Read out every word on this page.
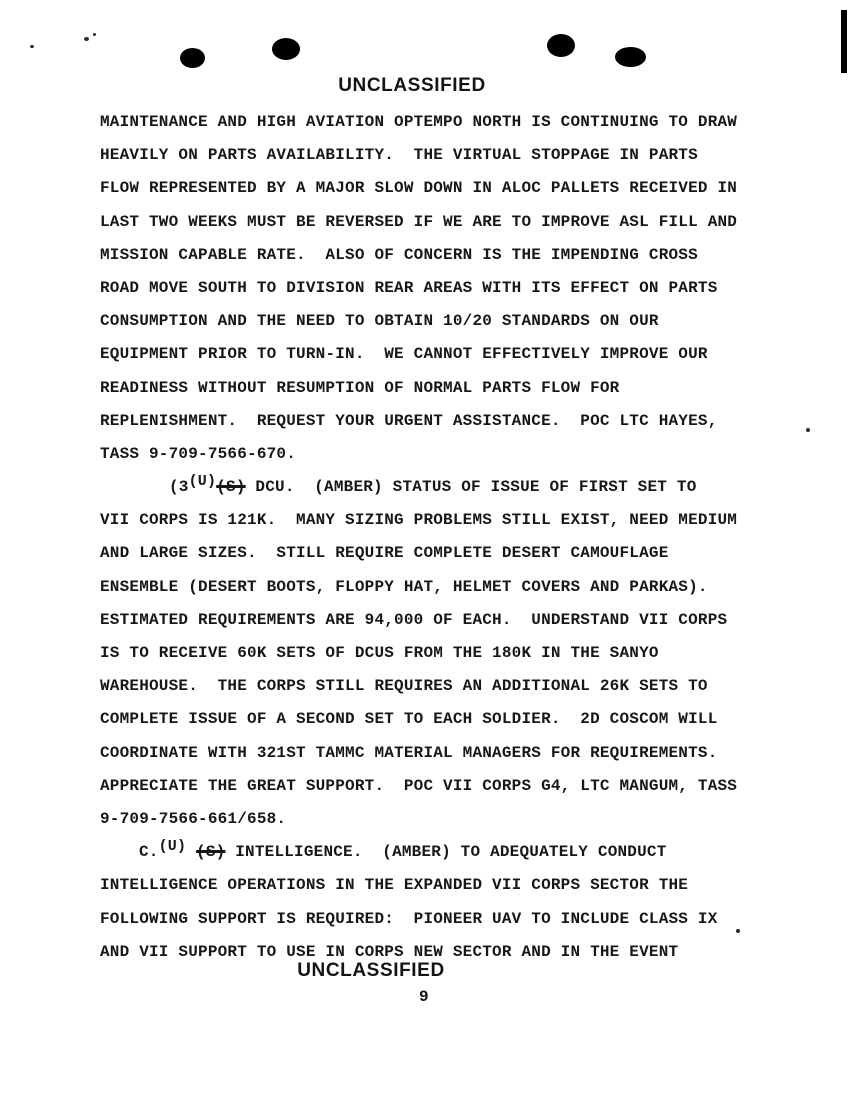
UNCLASSIFIED
MAINTENANCE AND HIGH AVIATION OPTEMPO NORTH IS CONTINUING TO DRAW
HEAVILY ON PARTS AVAILABILITY.  THE VIRTUAL STOPPAGE IN PARTS
FLOW REPRESENTED BY A MAJOR SLOW DOWN IN ALOC PALLETS RECEIVED IN
LAST TWO WEEKS MUST BE REVERSED IF WE ARE TO IMPROVE ASL FILL AND
MISSION CAPABLE RATE.  ALSO OF CONCERN IS THE IMPENDING CROSS
ROAD MOVE SOUTH TO DIVISION REAR AREAS WITH ITS EFFECT ON PARTS
CONSUMPTION AND THE NEED TO OBTAIN 10/20 STANDARDS ON OUR
EQUIPMENT PRIOR TO TURN-IN.  WE CANNOT EFFECTIVELY IMPROVE OUR
READINESS WITHOUT RESUMPTION OF NORMAL PARTS FLOW FOR
REPLENISHMENT.  REQUEST YOUR URGENT ASSISTANCE.  POC LTC HAYES,
TASS 9-709-7566-670.
(3(U)(S) DCU.  (AMBER) STATUS OF ISSUE OF FIRST SET TO
VII CORPS IS 121K.  MANY SIZING PROBLEMS STILL EXIST, NEED MEDIUM
AND LARGE SIZES.  STILL REQUIRE COMPLETE DESERT CAMOUFLAGE
ENSEMBLE (DESERT BOOTS, FLOPPY HAT, HELMET COVERS AND PARKAS).
ESTIMATED REQUIREMENTS ARE 94,000 OF EACH.  UNDERSTAND VII CORPS
IS TO RECEIVE 60K SETS OF DCUS FROM THE 180K IN THE SANYO
WAREHOUSE.  THE CORPS STILL REQUIRES AN ADDITIONAL 26K SETS TO
COMPLETE ISSUE OF A SECOND SET TO EACH SOLDIER.  2D COSCOM WILL
COORDINATE WITH 321ST TAMMC MATERIAL MANAGERS FOR REQUIREMENTS.
APPRECIATE THE GREAT SUPPORT.  POC VII CORPS G4, LTC MANGUM, TASS
9-709-7566-661/658.
C.(U) (S) INTELLIGENCE.  (AMBER) TO ADEQUATELY CONDUCT
INTELLIGENCE OPERATIONS IN THE EXPANDED VII CORPS SECTOR THE
FOLLOWING SUPPORT IS REQUIRED:  PIONEER UAV TO INCLUDE CLASS IX
AND VII SUPPORT TO USE IN CORPS NEW SECTOR AND IN THE EVENT
UNCLASSIFIED
9
